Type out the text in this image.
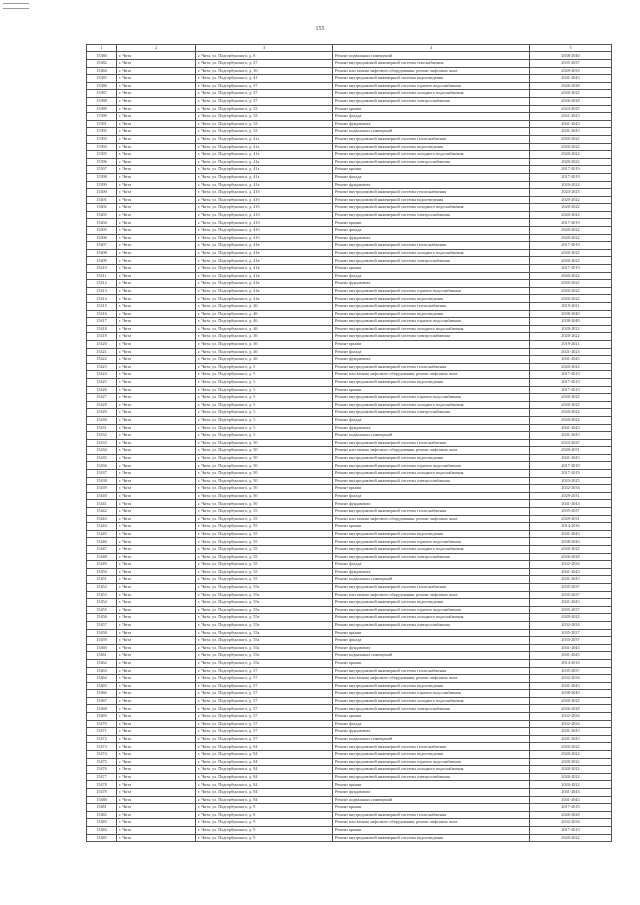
155
1	2	3	4	5
15380	г. Чита	г. Чита, ул. Подгорбунского, д. 8	Ремонт подвальных помещений	2038-2040
15382	г. Чита	г. Чита, ул. Подгорбунского, д. 37	Ремонт внутридомовой инженерной системы газоснабжения	2035-2037
15484	г. Чита	г. Чита, ул. Подгорбунского, д. 10	Ремонт или замена лифтового оборудования, ремонт лифтовых шахт	2029-2033
15385	г. Чита	г. Чита, ул. Подгорбунского, д. 41	Ремонт внутридомовой инженерной системы водоотведения	2041-2043
15386	г. Чита	г. Чита, ул. Подгорбунского, д. 37	Ремонт внутридомовой инженерной системы горячего водоснабжения	2026-2028
15387	г. Чита	г. Чита, ул. Подгорбунского, д. 37	Ремонт внутридомовой инженерной системы холодного водоснабжения	2020-2022
15388	г. Чита	г. Чита, ул. Подгорбунского, д. 37	Ремонт внутридомовой инженерной системы электроснабжения	2026-2028
15389	г. Чита	г. Чита, ул. Подгорбунского, д. 33	Ремонт крыши	2023-2025
15390	г. Чита	г. Чита, ул. Подгорбунского, д. 33	Ремонт фасада	2021-2023
15391	г. Чита	г. Чита, ул. Подгорбунского, д. 33	Ремонт фундамента	2041-2043
15392	г. Чита	г. Чита, ул. Подгорбунского, д. 33	Ремонт подвальных помещений	2041-2043
15393	г. Чита	г. Чита, ул. Подгорбунского, д. 41а	Ремонт внутридомовой инженерной системы теплоснабжения	2020-2022
15394	г. Чита	г. Чита, ул. Подгорбунского, д. 41а	Ремонт внутридомовой инженерной системы водоотведения	2020-2022
15395	г. Чита	г. Чита, ул. Подгорбунского, д. 41а	Ремонт внутридомовой инженерной системы холодного водоснабжения	2020-2022
15396	г. Чита	г. Чита, ул. Подгорбунского, д. 41а	Ремонт внутридомовой инженерной системы электроснабжения	2020-2022
15397	г. Чита	г. Чита, ул. Подгорбунского, д. 41а	Ремонт крыши	2017-2019
15398	г. Чита	г. Чита, ул. Подгорбунского, д. 41а	Ремонт фасада	2017-2019
15399	г. Чита	г. Чита, ул. Подгорбунского, д. 41а	Ремонт фундамента	2020-2022
15400	г. Чита	г. Чита, ул. Подгорбунского, д. 41б	Ремонт внутридомовой инженерной системы теплоснабжения	2023-2025
15401	г. Чита	г. Чита, ул. Подгорбунского, д. 41б	Ремонт внутридомовой инженерной системы водоотведения	2020-2022
15402	г. Чита	г. Чита, ул. Подгорбунского, д. 41б	Ремонт внутридомовой инженерной системы холодного водоснабжения	2020-2022
15403	г. Чита	г. Чита, ул. Подгорбунского, д. 41б	Ремонт внутридомовой инженерной системы электроснабжения	2020-2022
15404	г. Чита	г. Чита, ул. Подгорбунского, д. 41б	Ремонт крыши	2017-2019
15405	г. Чита	г. Чита, ул. Подгорбунского, д. 41б	Ремонт фасада	2020-2022
15406	г. Чита	г. Чита, ул. Подгорбунского, д. 41б	Ремонт фундамента	2020-2022
15407	г. Чита	г. Чита, ул. Подгорбунского, д. 41в	Ремонт внутридомовой инженерной системы теплоснабжения	2017-2019
15408	г. Чита	г. Чита, ул. Подгорбунского, д. 41в	Ремонт внутридомовой инженерной системы холодного водоснабжения	2020-2022
15409	г. Чита	г. Чита, ул. Подгорбунского, д. 41в	Ремонт внутридомовой инженерной системы электроснабжения	2020-2022
15410	г. Чита	г. Чита, ул. Подгорбунского, д. 41в	Ремонт крыши	2017-2019
15411	г. Чита	г. Чита, ул. Подгорбунского, д. 41в	Ремонт фасада	2020-2022
15412	г. Чита	г. Чита, ул. Подгорбунского, д. 41в	Ремонт фундамента	2020-2022
15413	г. Чита	г. Чита, ул. Подгорбунского, д. 41в	Ремонт внутридомовой инженерной системы горячего водоснабжения	2020-2022
15414	г. Чита	г. Чита, ул. Подгорбунского, д. 41в	Ремонт внутридомовой инженерной системы водоотведения	2020-2022
15415	г. Чита	г. Чита, ул. Подгорбунского, д. 46	Ремонт внутридомовой инженерной системы теплоснабжения	2019-2021
15416	г. Чита	г. Чита, ул. Подгорбунского, д. 46	Ремонт внутридомовой инженерной системы водоотведения	2038-2040
15417	г. Чита	г. Чита, ул. Подгорбунского, д. 46	Ремонт внутридомовой инженерной системы горячего водоснабжения	2038-2040
15418	г. Чита	г. Чита, ул. Подгорбунского, д. 46	Ремонт внутридомовой инженерной системы холодного водоснабжения	2020-2022
15419	г. Чита	г. Чита, ул. Подгорбунского, д. 46	Ремонт внутридомовой инженерной системы электроснабжения	2020-2022
15420	г. Чита	г. Чита, ул. Подгорбунского, д. 46	Ремонт крыши	2019-2021
15421	г. Чита	г. Чита, ул. Подгорбунского, д. 46	Ремонт фасада	2021-2023
15422	г. Чита	г. Чита, ул. Подгорбунского, д. 46	Ремонт фундамента	2041-2043
15423	г. Чита	г. Чита, ул. Подгорбунского, д. 5	Ремонт внутридомовой инженерной системы теплоснабжения	2020-2022
15424	г. Чита	г. Чита, ул. Подгорбунского, д. 5	Ремонт или замена лифтового оборудования, ремонт лифтовых шахт	2017-2019
15425	г. Чита	г. Чита, ул. Подгорбунского, д. 5	Ремонт внутридомовой инженерной системы водоотведения	2017-2019
15426	г. Чита	г. Чита, ул. Подгорбунского, д. 5	Ремонт крыши	2017-2019
15427	г. Чита	г. Чита, ул. Подгорбунского, д. 5	Ремонт внутридомовой инженерной системы горячего водоснабжения	2020-2022
15428	г. Чита	г. Чита, ул. Подгорбунского, д. 5	Ремонт внутридомовой инженерной системы холодного водоснабжения	2020-2022
15429	г. Чита	г. Чита, ул. Подгорбунского, д. 5	Ремонт внутридомовой инженерной системы электроснабжения	2020-2022
15430	г. Чита	г. Чита, ул. Подгорбунского, д. 5	Ремонт фасада	2020-2022
15431	г. Чита	г. Чита, ул. Подгорбунского, д. 5	Ремонт фундамента	2041-2043
15432	г. Чита	г. Чита, ул. Подгорбунского, д. 5	Ремонт подвальных помещений	2041-2043
15433	г. Чита	г. Чита, ул. Подгорбунского, д. 50	Ремонт внутридомовой инженерной системы теплоснабжения	2023-2025
15434	г. Чита	г. Чита, ул. Подгорбунского, д. 50	Ремонт или замена лифтового оборудования, ремонт лифтовых шахт	2029-2031
15435	г. Чита	г. Чита, ул. Подгорбунского, д. 50	Ремонт внутридомовой инженерной системы водоотведения	2041-2043
15436	г. Чита	г. Чита, ул. Подгорбунского, д. 50	Ремонт внутридомовой инженерной системы горячего водоснабжения	2017-2019
15437	г. Чита	г. Чита, ул. Подгорбунского, д. 50	Ремонт внутридомовой инженерной системы холодного водоснабжения	2017-2019
15438	г. Чита	г. Чита, ул. Подгорбунского, д. 50	Ремонт внутридомовой инженерной системы электроснабжения	2023-2025
15439	г. Чита	г. Чита, ул. Подгорбунского, д. 50	Ремонт крыши	2032-2034
15440	г. Чита	г. Чита, ул. Подгорбунского, д. 50	Ремонт фасада	2029-2031
15441	г. Чита	г. Чита, ул. Подгорбунского, д. 50	Ремонт фундамента	2041-2043
15442	г. Чита	г. Чита, ул. Подгорбунского, д. 55	Ремонт внутридомовой инженерной системы теплоснабжения	2035-2037
15443	г. Чита	г. Чита, ул. Подгорбунского, д. 55	Ремонт или замена лифтового оборудования, ремонт лифтовых шахт	2029-2031
15444	г. Чита	г. Чита, ул. Подгорбунского, д. 55	Ремонт крыши	2014-2016
15445	г. Чита	г. Чита, ул. Подгорбунского, д. 55	Ремонт внутридомовой инженерной системы водоотведения	2041-2043
15446	г. Чита	г. Чита, ул. Подгорбунского, д. 55	Ремонт внутридомовой инженерной системы горячего водоснабжения	2038-2040
15447	г. Чита	г. Чита, ул. Подгорбунского, д. 55	Ремонт внутридомовой инженерной системы холодного водоснабжения	2020-2022
15448	г. Чита	г. Чита, ул. Подгорбунского, д. 55	Ремонт внутридомовой инженерной системы электроснабжения	2026-2028
15449	г. Чита	г. Чита, ул. Подгорбунского, д. 55	Ремонт фасада	2032-2034
15450	г. Чита	г. Чита, ул. Подгорбунского, д. 55	Ремонт фундамента	2041-2043
15451	г. Чита	г. Чита, ул. Подгорбунского, д. 55	Ремонт подвальных помещений	2041-2043
15452	г. Чита	г. Чита, ул. Подгорбунского, д. 55а	Ремонт внутридомовой инженерной системы теплоснабжения	2035-2037
15453	г. Чита	г. Чита, ул. Подгорбунского, д. 55а	Ремонт или замена лифтового оборудования, ремонт лифтовых шахт	2035-2037
15454	г. Чита	г. Чита, ул. Подгорбунского, д. 55а	Ремонт внутридомовой инженерной системы водоотведения	2041-2043
15455	г. Чита	г. Чита, ул. Подгорбунского, д. 55а	Ремонт внутридомовой инженерной системы горячего водоснабжения	2035-2037
15456	г. Чита	г. Чита, ул. Подгорбунского, д. 55а	Ремонт внутридомовой инженерной системы холодного водоснабжения	2020-2022
15457	г. Чита	г. Чита, ул. Подгорбунского, д. 55а	Ремонт внутридомовой инженерной системы электроснабжения	2032-2034
15458	г. Чита	г. Чита, ул. Подгорбунского, д. 55а	Ремонт крыши	2035-2037
15459	г. Чита	г. Чита, ул. Подгорбунского, д. 55а	Ремонт фасада	2035-2037
15460	г. Чита	г. Чита, ул. Подгорбунского, д. 55а	Ремонт фундамента	2041-2043
15461	г. Чита	г. Чита, ул. Подгорбунского, д. 55а	Ремонт подвальных помещений	2041-2043
15462	г. Чита	г. Чита, ул. Подгорбунского, д. 55а	Ремонт крыши	2014-2016
15463	г. Чита	г. Чита, ул. Подгорбунского, д. 57	Ремонт внутридомовой инженерной системы теплоснабжения	2035-2037
15464	г. Чита	г. Чита, ул. Подгорбунского, д. 57	Ремонт или замена лифтового оборудования, ремонт лифтовых шахт	2032-2034
15465	г. Чита	г. Чита, ул. Подгорбунского, д. 57	Ремонт внутридомовой инженерной системы водоотведения	2041-2043
15466	г. Чита	г. Чита, ул. Подгорбунского, д. 57	Ремонт внутридомовой инженерной системы горячего водоснабжения	2038-2040
15467	г. Чита	г. Чита, ул. Подгорбунского, д. 57	Ремонт внутридомовой инженерной системы холодного водоснабжения	2020-2022
15468	г. Чита	г. Чита, ул. Подгорбунского, д. 57	Ремонт внутридомовой инженерной системы электроснабжения	2026-2028
15469	г. Чита	г. Чита, ул. Подгорбунского, д. 57	Ремонт крыши	2032-2034
15470	г. Чита	г. Чита, ул. Подгорбунского, д. 57	Ремонт фасада	2032-2034
15471	г. Чита	г. Чита, ул. Подгорбунского, д. 57	Ремонт фундамента	2041-2043
15472	г. Чита	г. Чита, ул. Подгорбунского, д. 57	Ремонт подвальных помещений	2041-2043
15473	г. Чита	г. Чита, ул. Подгорбунского, д. 84	Ремонт внутридомовой инженерной системы теплоснабжения	2020-2022
15474	г. Чита	г. Чита, ул. Подгорбунского, д. 84	Ремонт внутридомовой инженерной системы водоотведения	2020-2022
15475	г. Чита	г. Чита, ул. Подгорбунского, д. 84	Ремонт внутридомовой инженерной системы горячего водоснабжения	2020-2022
15476	г. Чита	г. Чита, ул. Подгорбунского, д. 84	Ремонт внутридомовой инженерной системы холодного водоснабжения	2020-2022
15477	г. Чита	г. Чита, ул. Подгорбунского, д. 84	Ремонт внутридомовой инженерной системы электроснабжения	2020-2022
15478	г. Чита	г. Чита, ул. Подгорбунского, д. 84	Ремонт крыши	2020-2022
15479	г. Чита	г. Чита, ул. Подгорбунского, д. 84	Ремонт фундамента	2041-2043
15480	г. Чита	г. Чита, ул. Подгорбунского, д. 84	Ремонт подвальных помещений	2041-2043
15481	г. Чита	г. Чита, ул. Подгорбунского, д. 9	Ремонт крыши	2017-2019
15482	г. Чита	г. Чита, ул. Подгорбунского, д. 9	Ремонт внутридомовой инженерной системы теплоснабжения	2026-2028
15483	г. Чита	г. Чита, ул. Подгорбунского, д. 9	Ремонт или замена лифтового оборудования, ремонт лифтовых шахт	2032-2034
15484	г. Чита	г. Чита, ул. Подгорбунского, д. 9	Ремонт крыши	2017-2019
15485	г. Чита	г. Чита, ул. Подгорбунского, д. 9	Ремонт внутридомовой инженерной системы водоотведения	2020-2022
